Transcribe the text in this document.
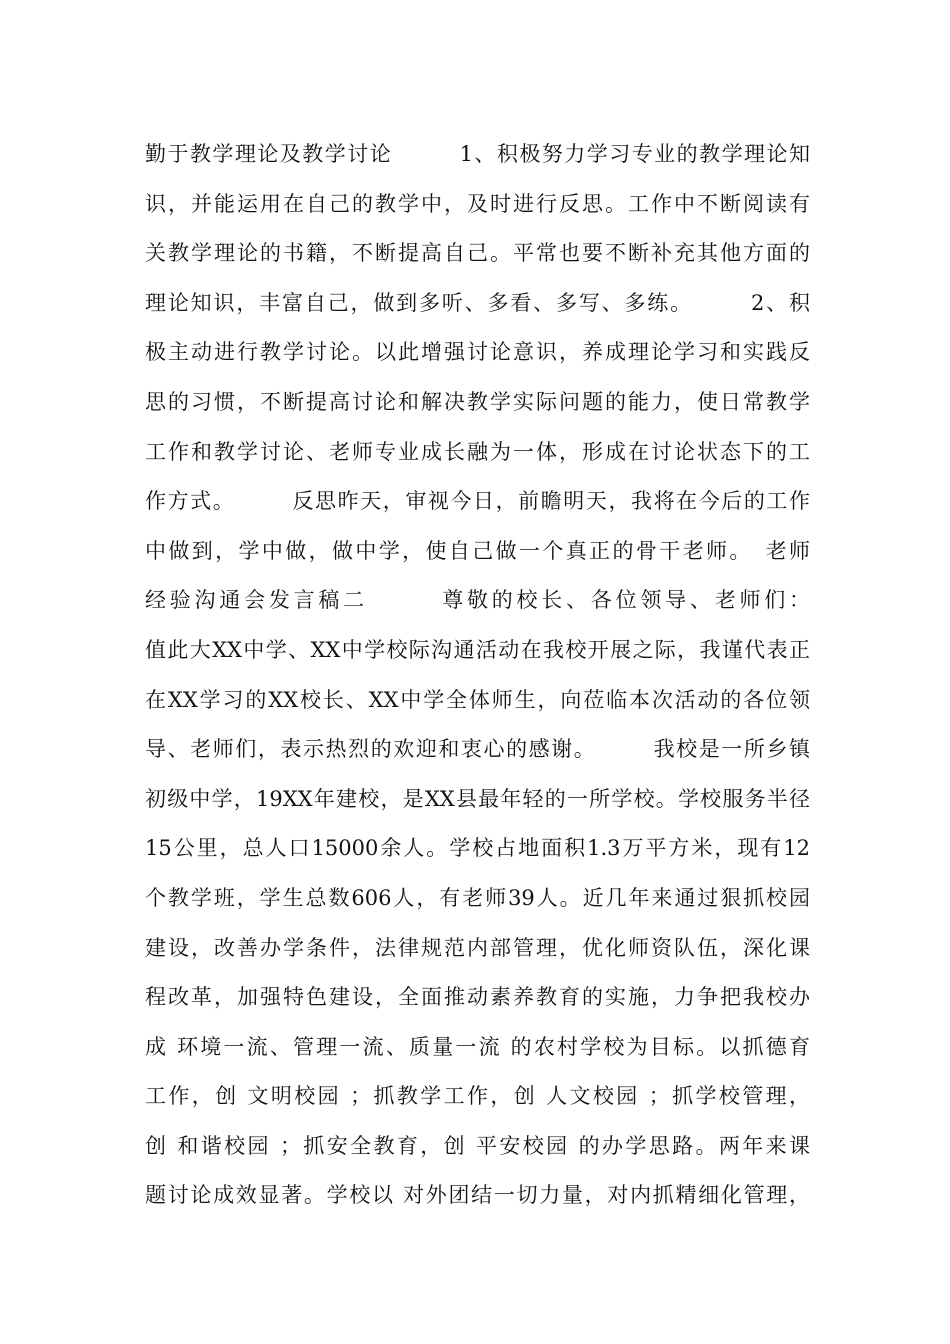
勤于教学理论及教学讨论　　　1、积极努力学习专业的教学理论知
识，并能运用在自己的教学中，及时进行反思。工作中不断阅读有
关教学理论的书籍，不断提高自己。平常也要不断补充其他方面的
理论知识，丰富自己，做到多听、多看、多写、多练。　　　2、积
极主动进行教学讨论。以此增强讨论意识，养成理论学习和实践反
思的习惯，不断提高讨论和解决教学实际问题的能力，使日常教学
工作和教学讨论、老师专业成长融为一体，形成在讨论状态下的工
作方式。　　　反思昨天，审视今日，前瞻明天，我将在今后的工作
中做到，学中做，做中学，使自己做一个真正的骨干老师。　老师
经验沟通会发言稿二　　　尊敬的校长、各位领导、老师们：
值此大XX中学、XX中学校际沟通活动在我校开展之际，我谨代表正
在XX学习的XX校长、XX中学全体师生，向莅临本次活动的各位领
导、老师们，表示热烈的欢迎和衷心的感谢。　　　我校是一所乡镇
初级中学，19XX年建校，是XX县最年轻的一所学校。学校服务半径
15公里，总人口15000余人。学校占地面积1.3万平方米，现有12
个教学班，学生总数606人，有老师39人。近几年来通过狠抓校园
建设，改善办学条件，法律规范内部管理，优化师资队伍，深化课
程改革，加强特色建设，全面推动素养教育的实施，力争把我校办
成 环境一流、管理一流、质量一流 的农村学校为目标。以抓德育
工作，创 文明校园 ；抓教学工作，创 人文校园 ；抓学校管理，
创 和谐校园 ；抓安全教育，创 平安校园 的办学思路。两年来课
题讨论成效显著。学校以 对外团结一切力量，对内抓精细化管理，
